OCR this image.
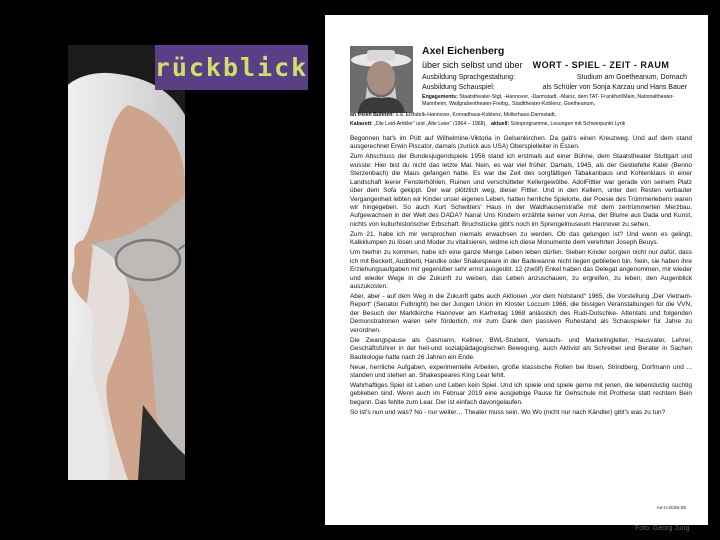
rückblick
Axel Eichenberg
über sich selbst und über WORT - SPIEL - ZEIT - RAUM
Ausbildung Sprachgestaltung:	Studium am Goetheanum, Dornach
Ausbildung Schauspiel:	als Schüler von Sonja Karzau und Hans Bauer
Engagements: Staatstheater-Stgt, -Hannover, -Darmstadt, -Mainz, dem TAT- Frankfurt/Main, Nationaltheater-Mannheim, Wallgrabentheater-Freibg., Stadttheater-Koblenz, Goetheanum,
an freien Bühnen: u.a. Eisfabrik-Hannover, Konradhaus-Koblenz, Mollerhaus-Darmstadt,
Kabarett: „Die Leid-Artikler“ und „Alte Leier“ (1964 – 1968), aktuell: Soloprogramme, Lesungen mit Schwerpunkt Lyrik

Begonnen hat's im Pütt auf Wilhelmine-Viktoria in Gelsenkirchen. Da gab's einen Kreuzweg. Und auf dem stand ausgerechnet Erwin Piscator, damals (zurück aus USA) Oberspielleiter in Essen.

Zum Abschluss der Bundesjugendspiele 1956 stand ich erstmals auf einer Bühne, dem Staatstheater Stuttgart und wusste: Hier bist du nicht das letzte Mal. Nein, es war viel früher. Damals, 1945, als der Gestiefelte Kater (Benno Sterzenbach) die Maus gefangen hatte. Es war die Zeit des sorgfältigen Tabakanbaus und Kohlenklaus in einer Landschaft leerer Fensterhöhlen, Ruinen und verschütteter Kellergewölbe. AdolFittler war gerade von seinem Platz über dem Sofa gekippt. Der war plötzlich weg, dieser Fittler. Und in den Kellern, unter den Resten verbauter Vergangenheit lebten wir Kinder unser eigenes Leben, hatten herrliche Spielorte, der Poesie des Trümmerlebens waren wir hingegeben. So auch Kurt Schwitters' Haus in der Waldhausenstraße mit dem zertrümmerten Merzbau. Aufgewachsen in der Welt des DADA? Nana! Uns Kindern erzählte keiner von Anna, der Blume aus Dada und Kunst, nichts von kulturhistorischer Erbschaft. Bruchstücke gibt's noch im Sprengelmuseum Hannover zu sehen.

Zum 21. habe ich mir versprochen niemals erwachsen zu werden. Ob das gelungen ist? Und wenn es gelingt, Kalkklumpen zu lösen und Moder zu vitalisieren, widme ich diese Monumente dem verehrten Joseph Beuys.

Um hierhin zu kommen, habe ich eine ganze Menge Leben leben dürfen. Sieben Kinder sorgten nicht nur dafür, dass ich mit Beckett, Audiberti, Handke oder Shakespeare in der Badewanne nicht liegen geblieben bin. Nein, sie haben ihre Erziehungsaufgaben mir gegenüber sehr ernst ausgeübt. 12 (zwölf) Enkel haben das Delegat angenommen, mir wieder und wieder Wege in die Zukunft zu weisen, das Leben anzuschauen, zu ergreifen, zu leben, den Augenblick auszukosten.

Aber, aber - auf dem Weg in die Zukunft gabs auch Aktionen „vor dem Notstand“ 1965, die Vorstellung „Der Vietnam-Report“ (Senator Fulbright) bei der Jungen Union im Kloster Loccum 1966, die bissigen Veranstaltungen für die VVN, der Besuch der Marktkirche Hannover am Karfreitag 1968 anlässlich des Rudi-Dutschke- Attentats und folgenden Demonstrationen waren sehr förderlich, mir zum Dank den passiven Ruhestand als Schauspieler für Jahre zu verordnen.

Die Zwangspause als Gasmann, Kellner, BWL-Student, Verkaufs- und Marketingleiter, Hausvater, Lehrer, Geschäftsführer in der heil-und sozialpädagogischen Bewegung, auch Aktivist als Schreiber und Berater in Sachen Baubiologie hatte nach 26 Jahren ein Ende.

Neue, herrliche Aufgaben, experimentelle Arbeiten, große klassische Rollen bei Ibsen, Strindberg, Dorfmann und ... standen und stehen an. Shakespeares King Lear fehlt.

Wahrhaftiges Spiel ist Leben und Leben kein Spiel. Und ich spiele und spiele gerne mit jenen, die lebenslustig süchtig geblieben sind. Wenn auch im Februar 2019 eine ausgiebige Pause für Gehschule mit Prothese statt rechtem Bein begann. Das fehlte zum Lear. Der ist einfach davongelaufen.

So ist's nun und was? No - nur weiter… Theater muss sein. Wo Wo (nicht nur nach Kändler) gibt's was zu tun?

Ae-II-2025-05
Foto: Georg Jung
